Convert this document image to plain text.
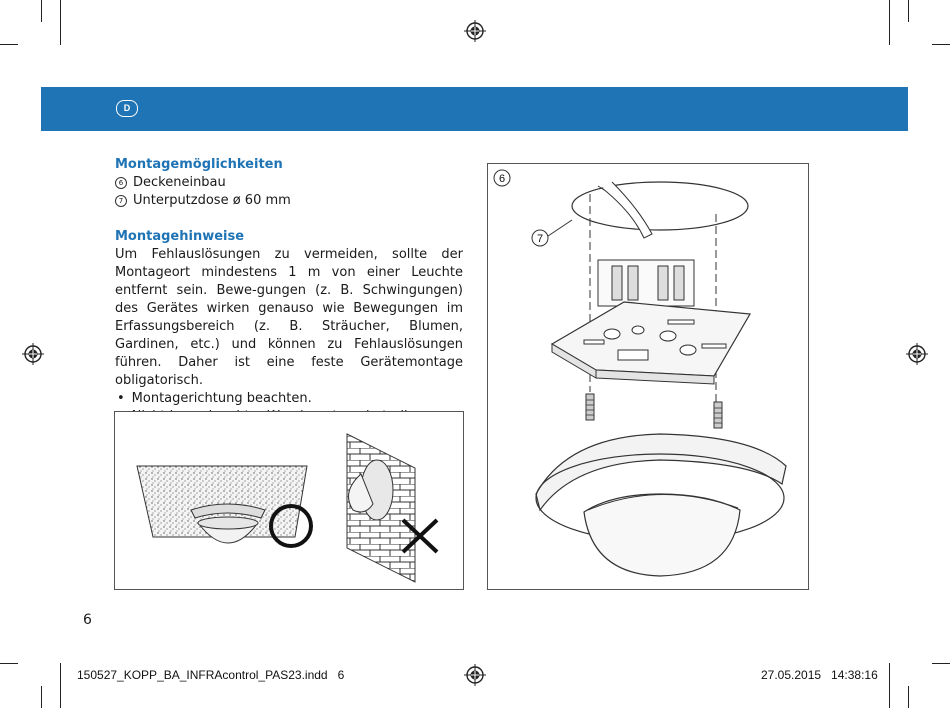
D
Montagemöglichkeiten
6 Deckeneinbau
7 Unterputzdose ø 60 mm
Montagehinweise
Um Fehlauslösungen zu vermeiden, sollte der Montageort mindestens 1 m von einer Leuchte entfernt sein. Bewe-gungen (z. B. Schwingungen) des Gerätes wirken genauso wie Bewegungen im Erfassungsbereich (z. B. Sträucher, Blumen, Gardinen, etc.) und können zu Fehlauslösungen führen. Daher ist eine feste Gerätemontage obligatorisch.
• Montagerichtung beachten.
6
7
6
150527_KOPP_BA_INFRAcontrol_PAS23.indd   6	27.05.2015   14:38:16
